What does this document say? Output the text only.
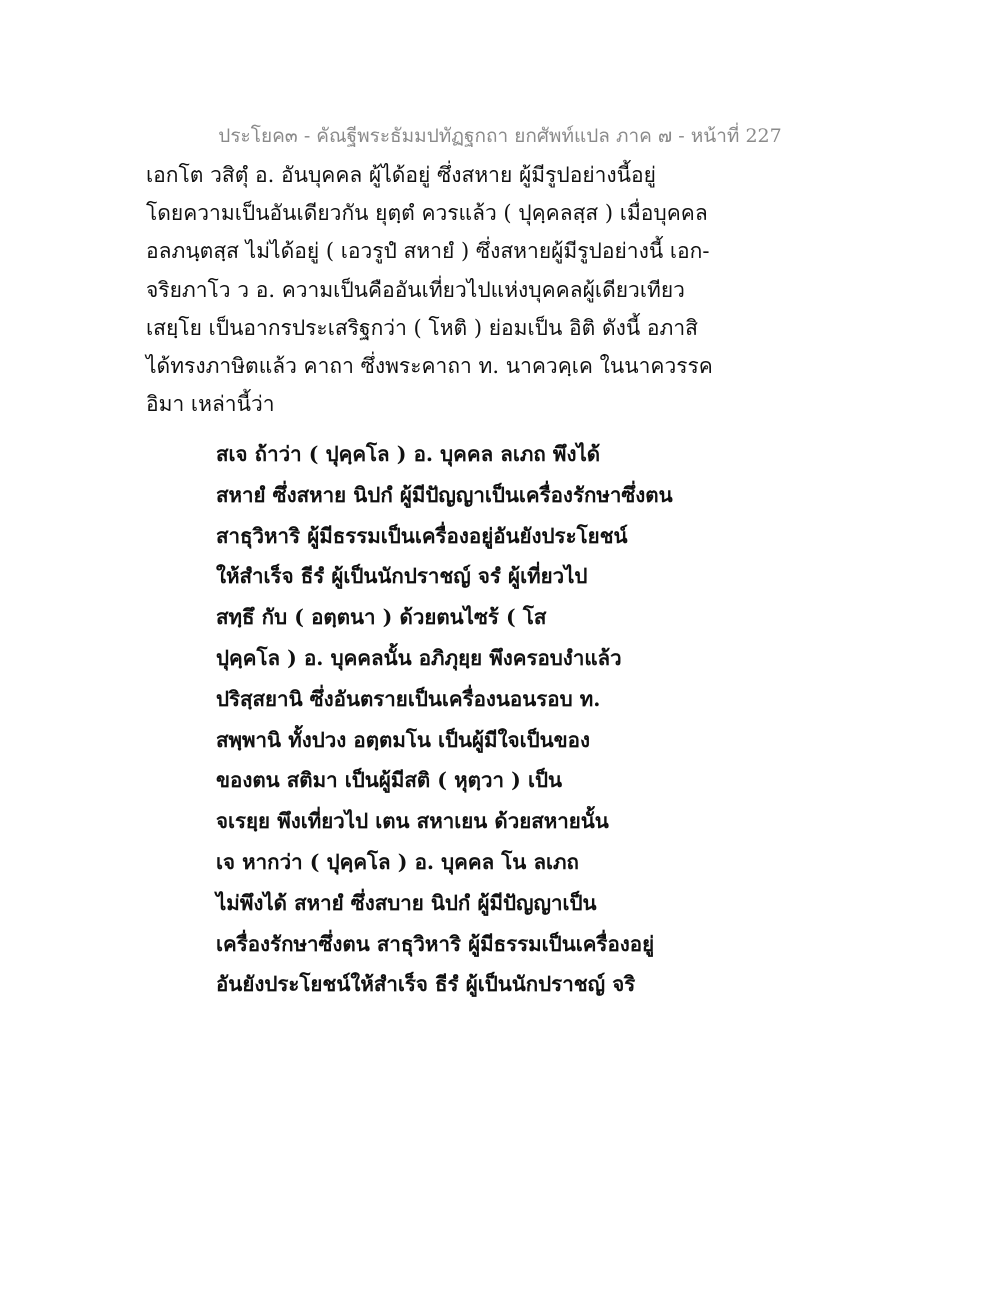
ประโยค๓ - คัณฐีพระธัมมปทัฏฐกถา ยกศัพท์แปล ภาค ๗ - หน้าที่ 227
เอกโต วสิตุํ อ. อันบุคคล ผู้ได้อยู่ ซึ่งสหาย ผู้มีรูปอย่างนี้อยู่
โดยความเป็นอันเดียวกัน ยุตฺตํ ควรแล้ว ( ปุคฺคลสฺส ) เมื่อบุคคล
อลภนฺตสฺส ไม่ได้อยู่ ( เอวรูปํ สหายํ ) ซึ่งสหายผู้มีรูปอย่างนี้ เอก-
จริยภาโว ว อ. ความเป็นคืออันเที่ยวไปแห่งบุคคลผู้เดียวเทียว
เสยฺโย เป็นอากรประเสริฐกว่า ( โหติ ) ย่อมเป็น อิติ ดังนี้ อภาสิ
ได้ทรงภาษิตแล้ว คาถา ซึ่งพระคาถา ท. นาควคฺเค ในนาควรรค
อิมา เหล่านี้ว่า
สเจ ถ้าว่า ( ปุคฺคโล ) อ. บุคคล ลเภถ พึงได้
สหายํ ซึ่งสหาย นิปกํ ผู้มีปัญญาเป็นเครื่องรักษาซึ่งตน
สาธุวิหาริ ผู้มีธรรมเป็นเครื่องอยู่อันยังประโยชน์
ให้สำเร็จ ธีรํ ผู้เป็นนักปราชญ์ จรํ ผู้เที่ยวไป
สทฺธึ กับ ( อตฺตนา ) ด้วยตนไซร้ ( โส
ปุคฺคโล ) อ. บุคคลนั้น อภิภุยฺย พึงครอบงำแล้ว
ปริสฺสยานิ ซึ่งอันตรายเป็นเครื่องนอนรอบ ท.
สพฺพานิ ทั้งปวง อตฺตมโน เป็นผู้มีใจเป็นของ
ของตน สติมา เป็นผู้มีสติ ( หุตฺวา ) เป็น
จเรยฺย พึงเที่ยวไป เตน สหาเยน ด้วยสหายนั้น
เจ หากว่า ( ปุคฺคโล ) อ. บุคคล โน ลเภถ
ไม่พึงได้ สหายํ ซึ่งสบาย นิปกํ ผู้มีปัญญาเป็น
เครื่องรักษาซึ่งตน สาธุวิหาริ ผู้มีธรรมเป็นเครื่องอยู่
อันยังประโยชน์ให้สำเร็จ ธีรํ ผู้เป็นนักปราชญ์ จริ
